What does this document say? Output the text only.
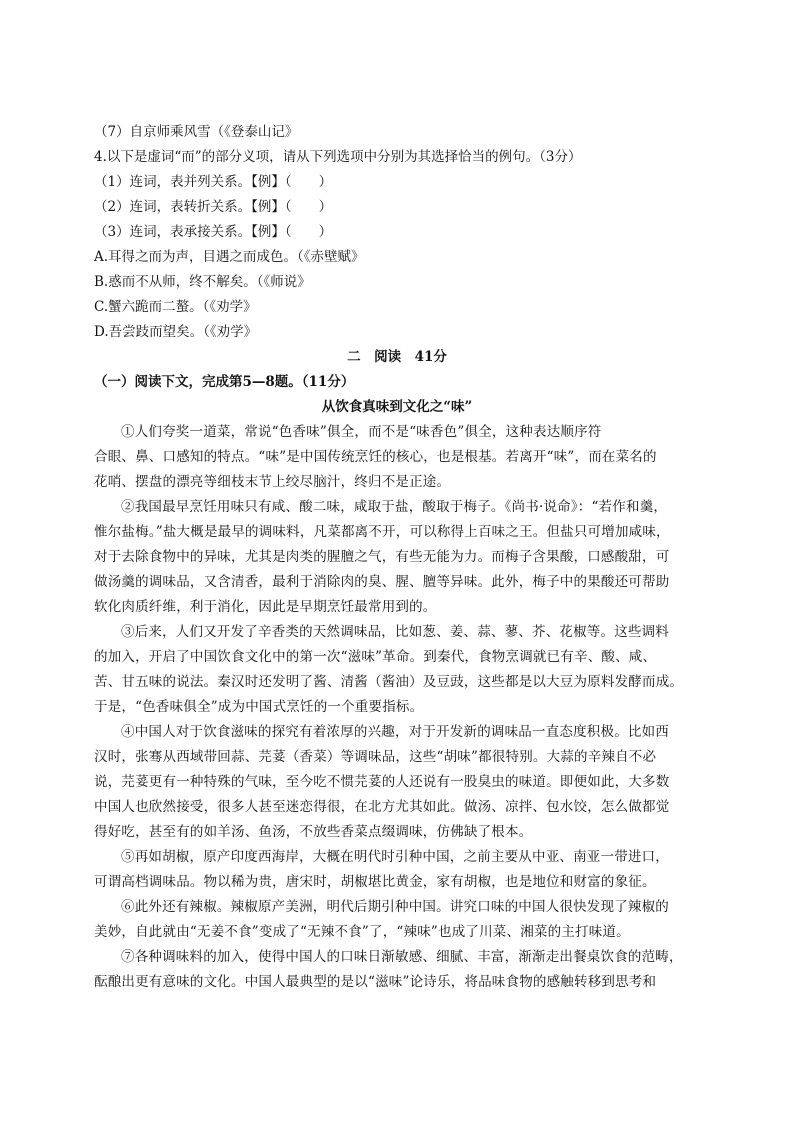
（7）自京师乘风雪（《登泰山记》

4.以下是虚词“而”的部分义项，请从下列选项中分别为其选择恰当的例句。（3分）

（1）连词，表并列关系。【例】（　　）

（2）连词，表转折关系。【例】（　　）

（3）连词，表承接关系。【例】（　　）

A.耳得之而为声，目遇之而成色。（《赤壁赋》

B.惑而不从师，终不解矣。（《师说》

C.蟹六跪而二螯。（《劝学》

D.吾尝跂而望矣。（《劝学》

二　阅读　41分

（一）阅读下文，完成第5—8题。（11分）

从饮食真味到文化之“味”

①人们夸奖一道菜，常说“色香味”俱全，而不是“味香色”俱全，这种表达顺序符
合眼、鼻、口感知的特点。“味”是中国传统烹饪的核心，也是根基。若离开“味”，而在菜名的
花哨、摆盘的漂亮等细枝末节上绞尽脑汁，终归不是正途。
②我国最早烹饪用味只有咸、酸二味，咸取于盐，酸取于梅子。《尚书·说命》：“若作和羹，
惟尔盐梅。”盐大概是最早的调味料，凡菜都离不开，可以称得上百味之王。但盐只可增加咸味，
对于去除食物中的异味，尤其是肉类的腥膻之气，有些无能为力。而梅子含果酸，口感酸甜，可
做汤羹的调味品，又含清香，最利于消除肉的臭、腥、膻等异味。此外，梅子中的果酸还可帮助
软化肉质纤维，利于消化，因此是早期烹饪最常用到的。
③后来，人们又开发了辛香类的天然调味品，比如葱、姜、蒜、蓼、芥、花椒等。这些调料
的加入，开启了中国饮食文化中的第一次“滋味”革命。到秦代，食物烹调就已有辛、酸、咸、
苦、甘五味的说法。秦汉时还发明了酱、清酱（酱油）及豆豉，这些都是以大豆为原料发酵而成。
于是，“色香味俱全”成为中国式烹饪的一个重要指标。
④中国人对于饮食滋味的探究有着浓厚的兴趣，对于开发新的调味品一直态度积极。比如西
汉时，张骞从西域带回蒜、芫荽（香菜）等调味品，这些“胡味”都很特别。大蒜的辛辣自不必
说，芫荽更有一种特殊的气味，至今吃不惯芫荽的人还说有一股臭虫的味道。即便如此，大多数
中国人也欣然接受，很多人甚至迷恋得很，在北方尤其如此。做汤、凉拌、包水饺，怎么做都觉
得好吃，甚至有的如羊汤、鱼汤，不放些香菜点缀调味，仿佛缺了根本。
⑤再如胡椒，原产印度西海岸，大概在明代时引种中国，之前主要从中亚、南亚一带进口，
可谓高档调味品。物以稀为贵，唐宋时，胡椒堪比黄金，家有胡椒，也是地位和财富的象征。
⑥此外还有辣椒。辣椒原产美洲，明代后期引种中国。讲究口味的中国人很快发现了辣椒的
美妙，自此就由“无姜不食”变成了“无辣不食”了，“辣味”也成了川菜、湘菜的主打味道。
⑦各种调味料的加入，使得中国人的口味日渐敏感、细腻、丰富，渐渐走出餐桌饮食的范畴，
酝酿出更有意味的文化。中国人最典型的是以“滋味”论诗乐，将品味食物的感触转移到思考和
